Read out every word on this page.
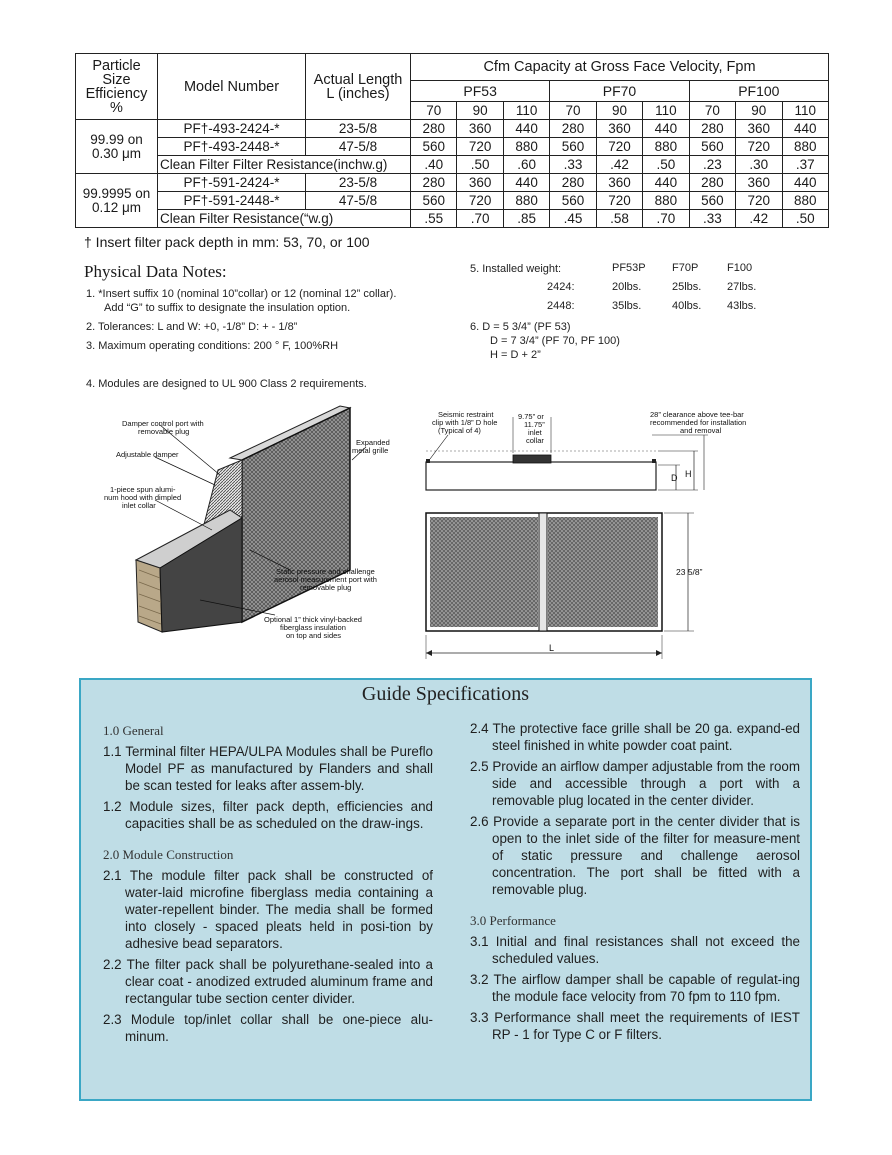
Particle Size Efficiency %	Model Number	Actual Length L (inches)	Cfm Capacity at Gross Face Velocity, Fpm								
			PF53			PF70			PF100		
			70	90	110	70	90	110	70	90	110
99.99 on 0.30 μm	PF†-493-2424-*	23-5/8	280	360	440	280	360	440	280	360	440
	PF†-493-2448-*	47-5/8	560	720	880	560	720	880	560	720	880
	Clean Filter Filter Resistance(inchw.g)		.40	.50	.60	.33	.42	.50	.23	.30	.37
99.9995 on 0.12 μm	PF†-591-2424-*	23-5/8	280	360	440	280	360	440	280	360	440
	PF†-591-2448-*	47-5/8	560	720	880	560	720	880	560	720	880
	Clean Filter Resistance(“w.g)		.55	.70	.85	.45	.58	.70	.33	.42	.50
† Insert filter pack depth in mm: 53, 70, or 100
Physical Data Notes:
1. *Insert suffix 10 (nominal 10”collar) or 12 (nominal 12” collar).
Add “G” to suffix to designate the insulation option.
2. Tolerances: L and W: +0, -1/8” D: + - 1/8”
3. Maximum operating conditions: 200 ° F, 100%RH
4. Modules are designed to UL 900 Class 2 requirements.
5. Installed weight:	PF53P F70P	F100
2424:	20lbs.	25lbs. 27lbs.
2448:	35lbs.	40lbs. 43lbs.
6. D = 5 3/4” (PF 53)
D = 7 3/4” (PF 70, PF 100)
H = D + 2”
Damper control port with
removable plug
Adjustable damper
1-piece spun alumi-
num hood with dimpled
inlet collar
Expanded
metal grille
Static pressure and challenge
aerosol measurement port with
removable plug
Optional 1” thick vinyl-backed
fiberglass insulation
on top and sides
D H
23 5/8”
L
Seismic restraint
clip with 1/8” D hole
(Typical of 4)
9.75” or
11.75”
inlet
collar
28” clearance above tee-bar
recommended for installation
and removal
Guide Specifications
1.0 General
1.1 Terminal filter HEPA/ULPA Modules shall be Pureflo Model PF as manufactured by Flanders and shall be scan tested for leaks after assem-bly.
1.2 Module sizes, filter pack depth, efficiencies and capacities shall be as scheduled on the draw-ings.
2.0 Module Construction
2.1 The module filter pack shall be constructed of water-laid microfine fiberglass media containing a water-repellent binder. The media shall be formed into closely - spaced pleats held in posi-tion by adhesive bead separators.
2.2 The filter pack shall be polyurethane-sealed into a clear coat - anodized extruded aluminum frame and rectangular tube section center divider.
2.3 Module top/inlet collar shall be one-piece alu-minum.
2.4 The protective face grille shall be 20 ga. expand-ed steel finished in white powder coat paint.
2.5 Provide an airflow damper adjustable from the room side and accessible through a port with a removable plug located in the center divider.
2.6 Provide a separate port in the center divider that is open to the inlet side of the filter for measure-ment of static pressure and challenge aerosol concentration. The port shall be fitted with a removable plug.
3.0 Performance
3.1 Initial and final resistances shall not exceed the scheduled values.
3.2 The airflow damper shall be capable of regulat-ing the module face velocity from 70 fpm to 110 fpm.
3.3 Performance shall meet the requirements of IEST RP - 1 for Type C or F filters.
